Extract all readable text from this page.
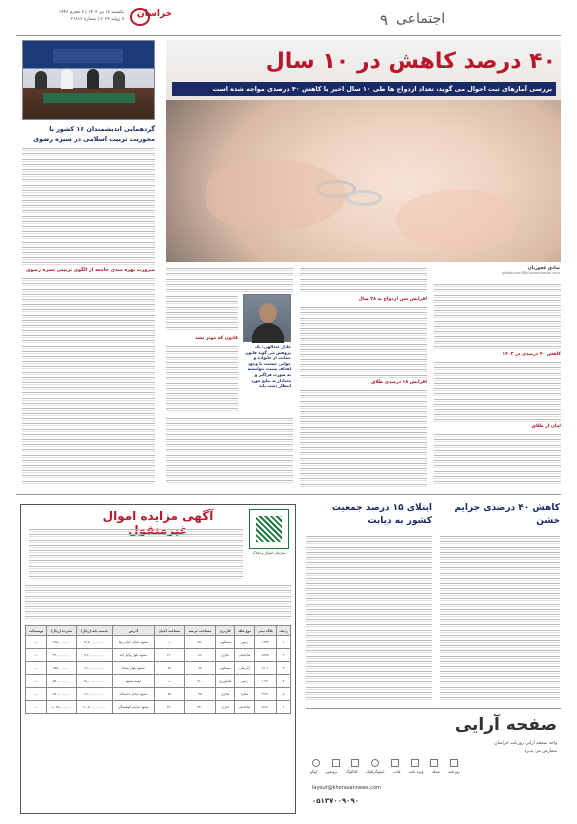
۹ اجتماعی
خراسان
یکشنبه ۱۷ تیر ۱۴۰۳ | ۳ محرم ۱۴۴۶
۷ ژوئیه ۲۰۲۴ | شماره ۲۱۸۱۲
گردهمایی اندیشمندان ۱۶ کشور با محوریت تربیت اسلامی در سیره رضوی
ضرورت بهره مندی جامعه از الگوی تربیتی سیره رضوی
۴۰ درصد کاهش در ۱۰ سال
بررسی آمارهای ثبت احوال می گوید، تعداد ازدواج ها طی ۱۰ سال اخیر با کاهش ۴۰ درصدی مواجه شده است
صادق غفوریان
ghafourian@khorasannews.com
کاهش ۴۰ درصدی در ۱۴۰۲
امان از طلاق
افزایش سن ازدواج به ۲۸ سال
افزایش ۱۸ درصدی طلاق
عادل عبدالهی: یک پژوهش می گوید قانون حمایت از خانواده و جوانی جمعیت با وجود اهداف مثبت، نتوانسته به صورت فراگیر و معنادار به نتایج مورد انتظار دست یابد
قانون که موثر نشد
کاهش ۴۰ درصدی جرایم خشن
ابتلای ۱۵ درصد جمعیت کشور به دیابت
صفحه آرایی
واحد صفحه آرایی روزنامه خراسان
سفارش می پذیرد
روزنامه
مجله
ویژه نامه
کتاب
اینفوگرافیک
کاتالوگ
بروشور
لوگو
layout@khorasannews.com
۰۵۱۳۷۰۰۹۰۹۰
سازمان اموال و املاک
آگهی مزایده اموال
ردیف	پلاک ثبتی	نوع ملک	کاربری	مساحت عرصه	مساحت اعیان	آدرس	قیمت پایه (ریال)	سپرده (ریال)	توضیحات
۱	۱۲۳۴	زمین	مسکونی	۲۵۰	—	مشهد خیابان امام رضا	۱۲,۵۰۰,۰۰۰,۰۰۰	۶۲۵,۰۰۰,۰۰۰	—
۲	۵۶۷۸	ساختمان	تجاری	۱۸۰	۱۲۰	مشهد بلوار وکیل آباد	۸,۴۰۰,۰۰۰,۰۰۰	۴۲۰,۰۰۰,۰۰۰	—
۳	۹۱۰۱	آپارتمان	مسکونی	۹۵	۸۵	مشهد بلوار سجاد	۷,۱۰۰,۰۰۰,۰۰۰	۳۵۵,۰۰۰,۰۰۰	—
۴	۱۱۲۱	زمین	کشاورزی	۱۲۰۰	—	حومه مشهد	۱۵,۰۰۰,۰۰۰,۰۰۰	۷۵۰,۰۰۰,۰۰۰	—
۵	۳۱۴۱	مغازه	تجاری	۴۵	۴۵	مشهد خیابان احمدآباد	۹,۶۰۰,۰۰۰,۰۰۰	۴۸۰,۰۰۰,۰۰۰	—
۶	۵۱۶۱	ساختمان	اداری	۳۲۰	۲۴۰	مشهد خیابان کوهسنگی	۲۰,۵۰۰,۰۰۰,۰۰۰	۱,۰۲۵,۰۰۰,۰۰۰	—
